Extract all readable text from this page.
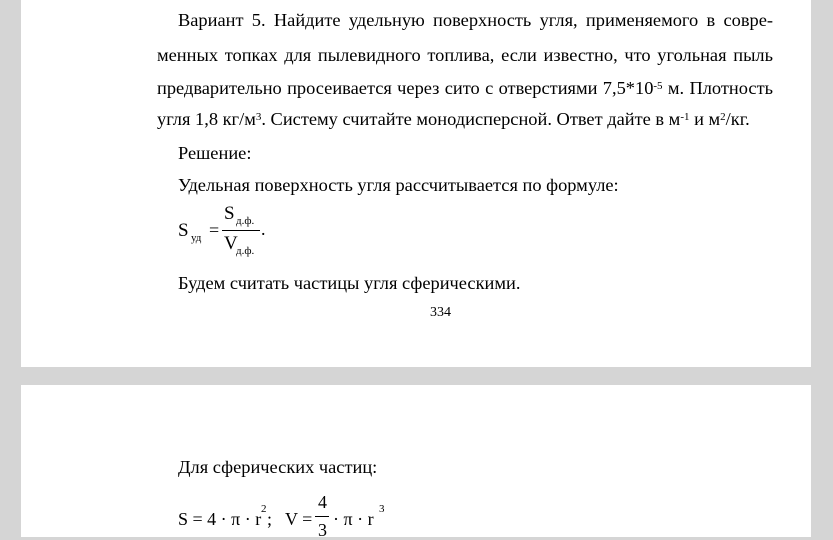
Вариант 5. Найдите удельную поверхность угля, применяемого в совре-
менных топках для пылевидного топлива, если известно, что угольная пыль
предварительно просеивается через сито с отверстиями $7,5*10^{-5}$ м. Плотность
угля 1,8 $кг/м^3$. Систему считайте монодисперсной. Ответ дайте в $м^{-1}$ и $м^2/кг$.
Решение:
Удельная поверхность угля рассчитывается по формуле:
S уд =
S д.ф.
V
д.ф.
.
Будем считать частицы угля сферическими.
334
Для сферических частиц:
S = 4 · π · r 2 ; V =
4
3
· π · r 3
